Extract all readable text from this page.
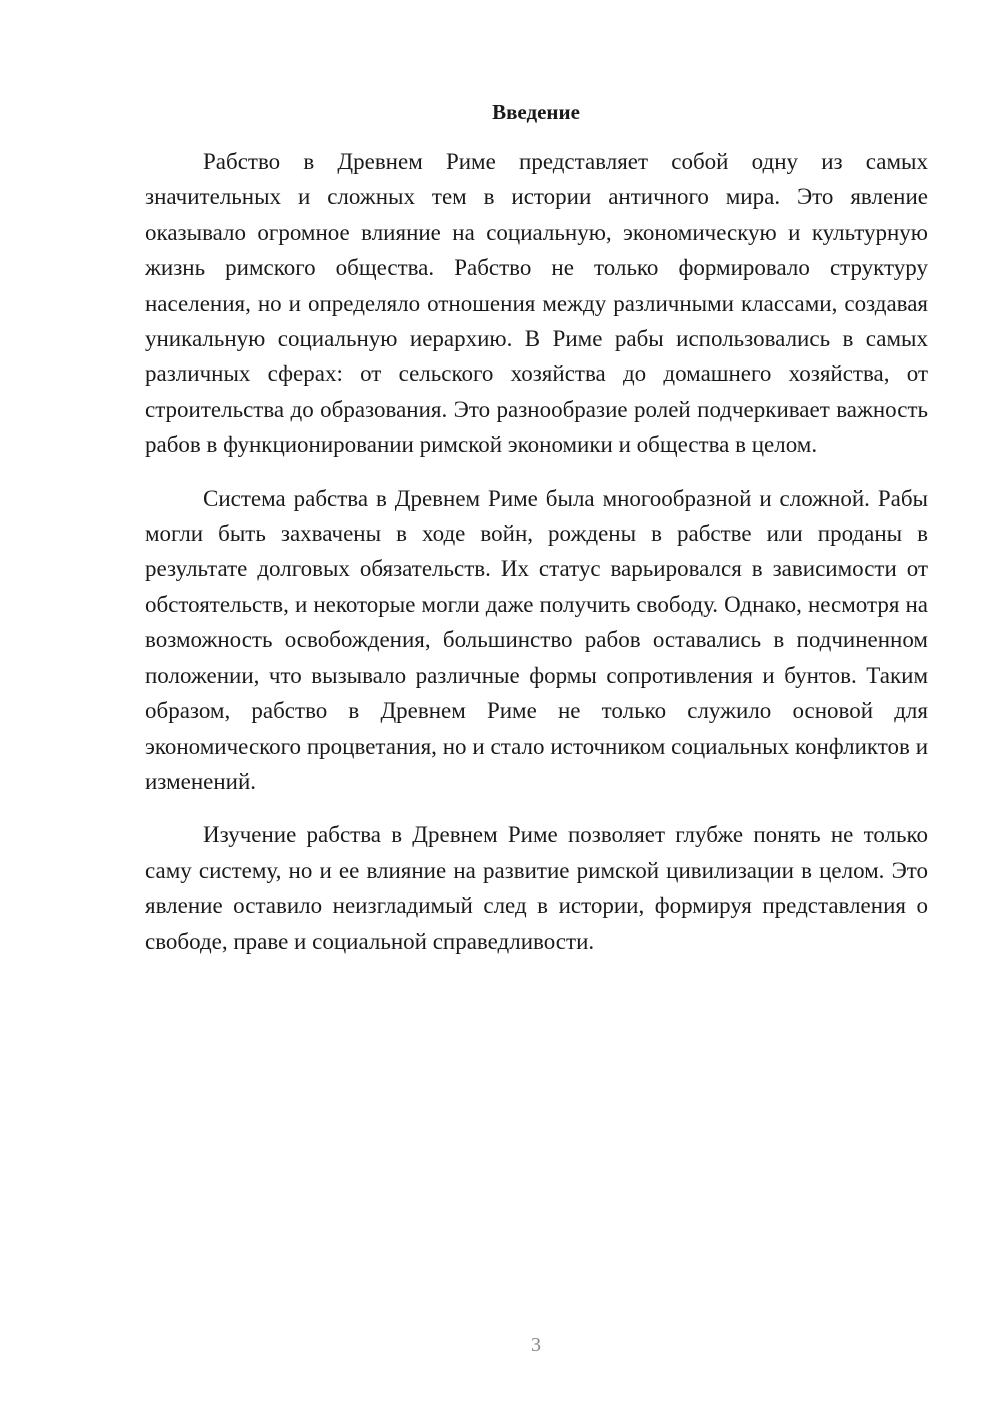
Введение

Рабство в Древнем Риме представляет собой одну из самых значительных и сложных тем в истории античного мира. Это явление оказывало огромное влияние на социальную, экономическую и культурную жизнь римского общества. Рабство не только формировало структуру населения, но и определяло отношения между различными классами, создавая уникальную социальную иерархию. В Риме рабы использовались в самых различных сферах: от сельского хозяйства до домашнего хозяйства, от строительства до образования. Это разнообразие ролей подчеркивает важность рабов в функционировании римской экономики и общества в целом.

Система рабства в Древнем Риме была многообразной и сложной. Рабы могли быть захвачены в ходе войн, рождены в рабстве или проданы в результате долговых обязательств. Их статус варьировался в зависимости от обстоятельств, и некоторые могли даже получить свободу. Однако, несмотря на возможность освобождения, большинство рабов оставались в подчиненном положении, что вызывало различные формы сопротивления и бунтов. Таким образом, рабство в Древнем Риме не только служило основой для экономического процветания, но и стало источником социальных конфликтов и изменений.

Изучение рабства в Древнем Риме позволяет глубже понять не только саму систему, но и ее влияние на развитие римской цивилизации в целом. Это явление оставило неизгладимый след в истории, формируя представления о свободе, праве и социальной справедливости.

3
